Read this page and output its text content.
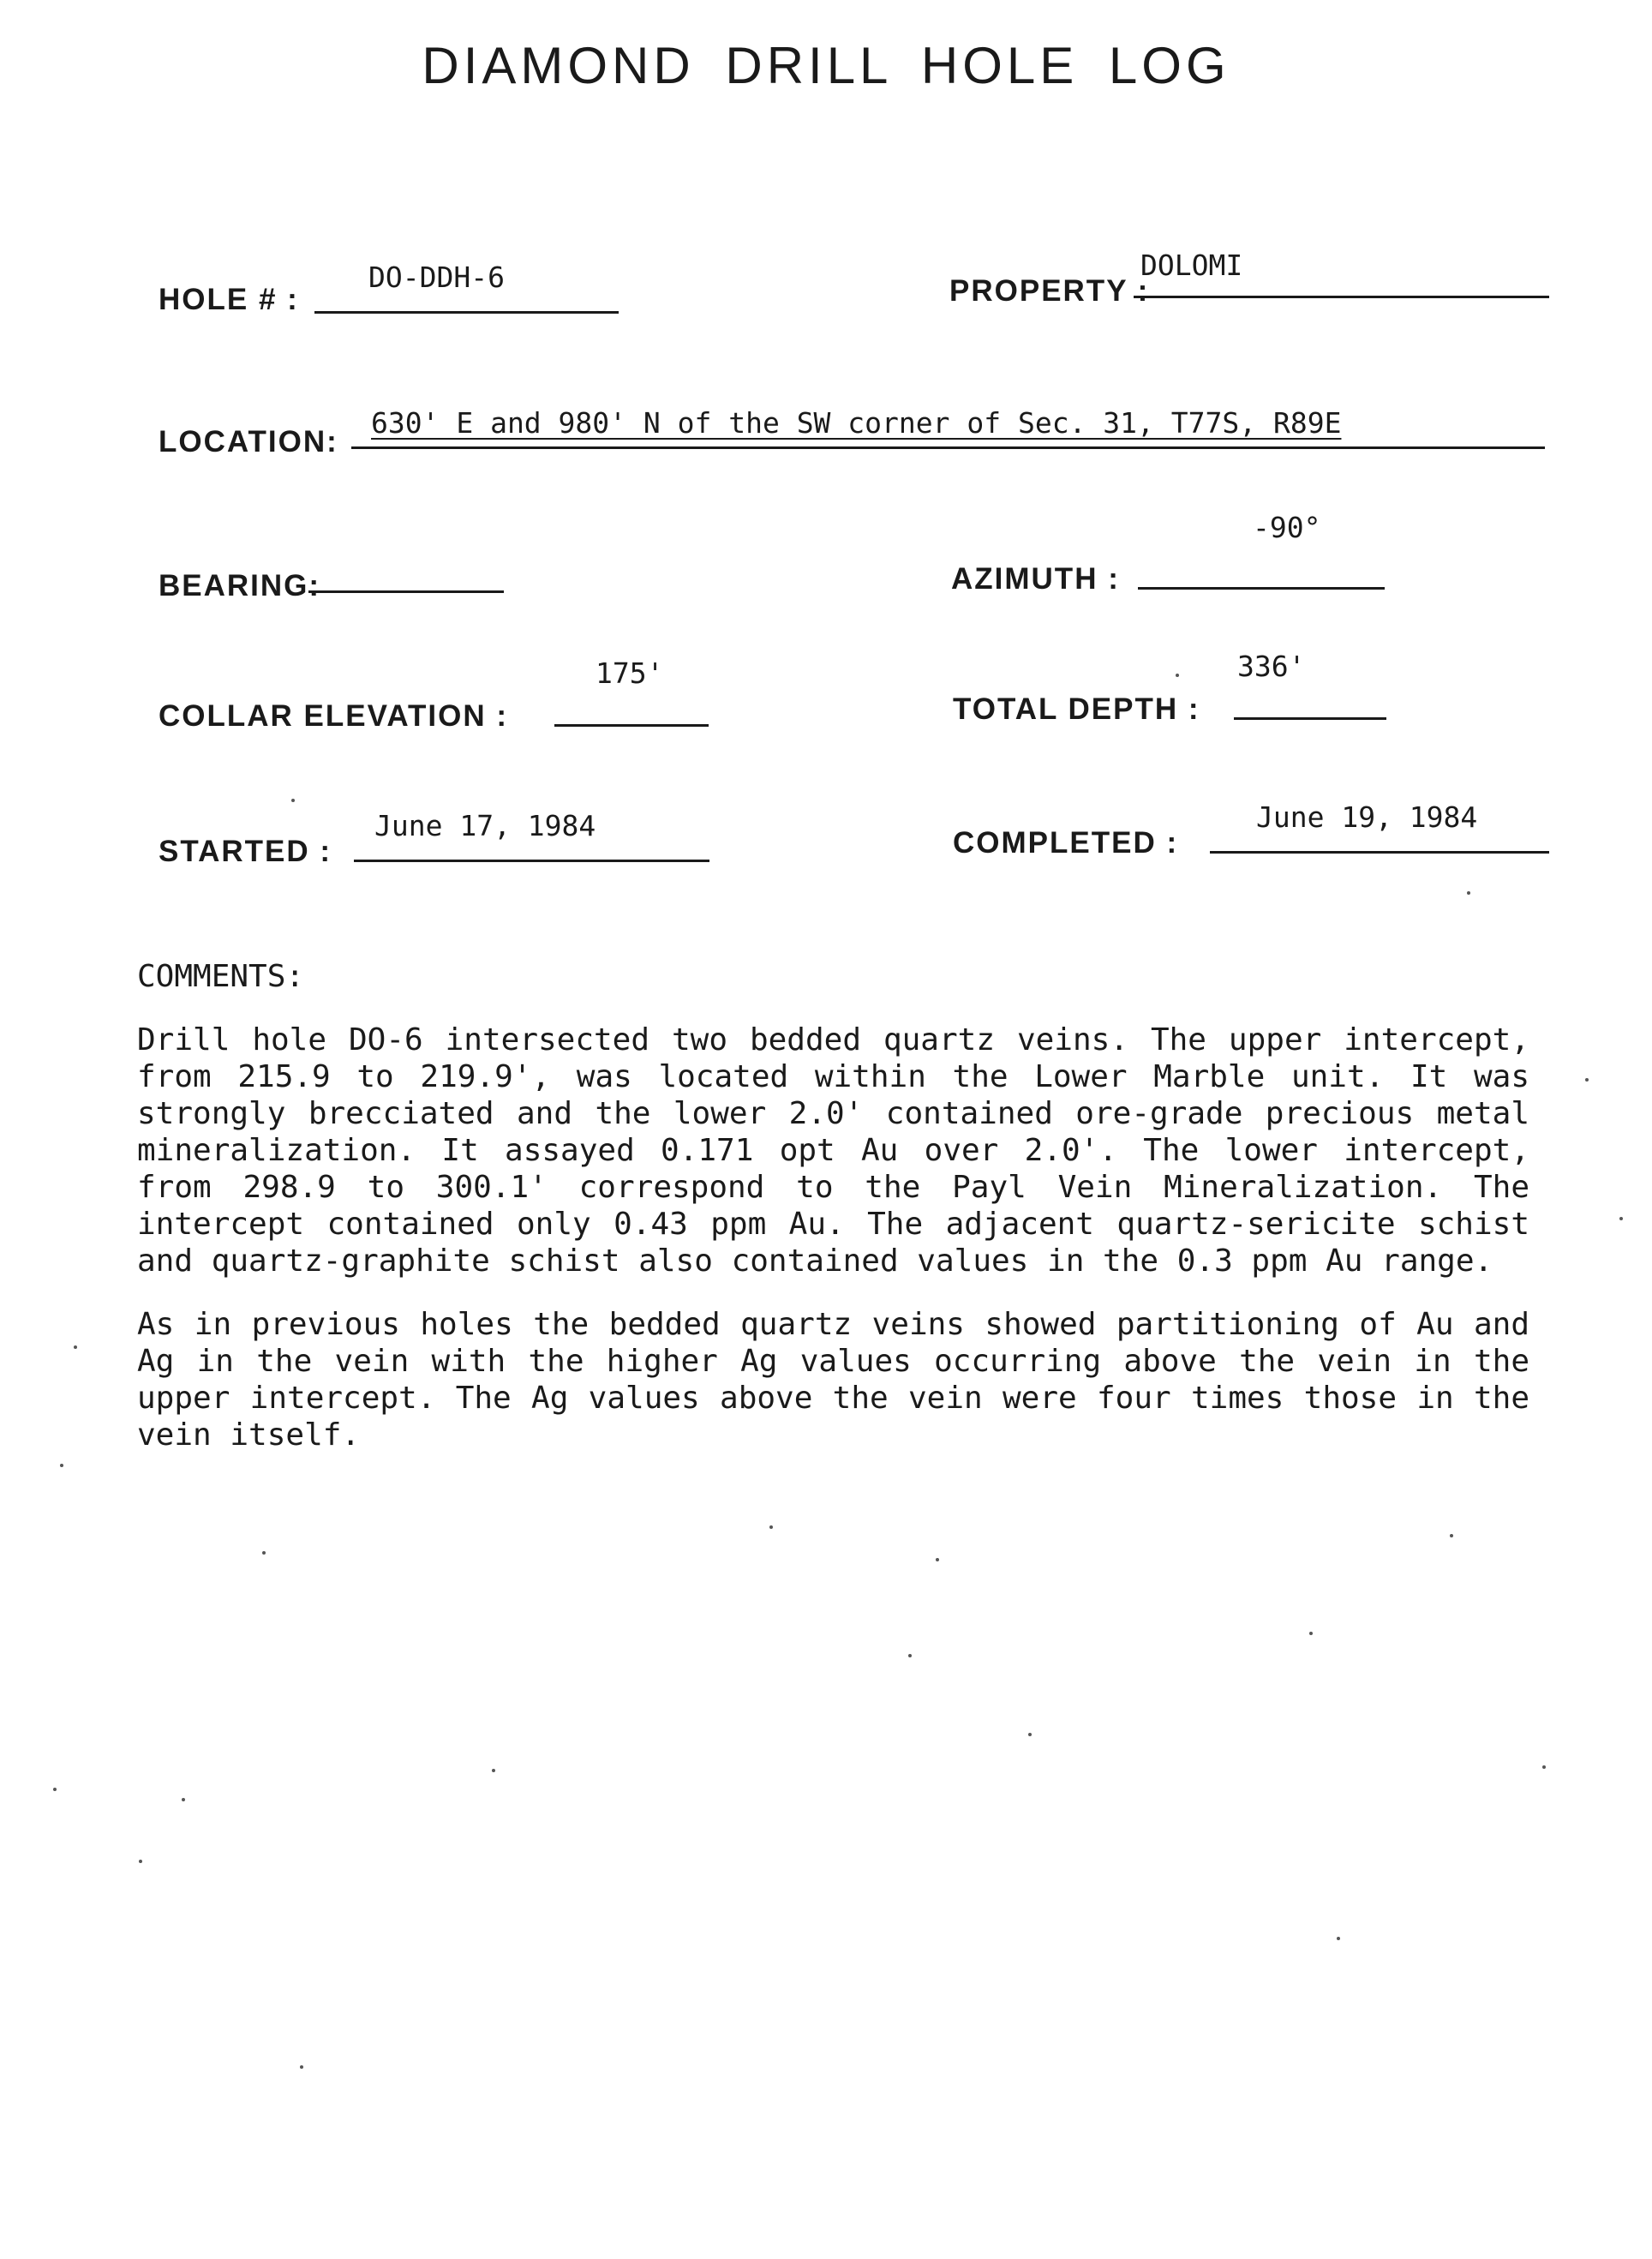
DIAMOND DRILL HOLE LOG
HOLE # :
DO-DDH-6	PROPERTY :
DOLOMI
LOCATION:
630' E and 980' N of the SW corner of Sec. 31, T77S, R89E
BEARING:	AZIMUTH :
-90°
COLLAR ELEVATION :
175'
TOTAL DEPTH :
336'
STARTED :
June 17, 1984
COMPLETED :
June 19, 1984
COMMENTS:

Drill hole DO-6 intersected two bedded quartz veins. The upper intercept, from 215.9 to 219.9', was located within the Lower Marble unit. It was strongly brecciated and the lower 2.0' contained ore-grade precious metal mineralization. It assayed 0.171 opt Au over 2.0'. The lower intercept, from 298.9 to 300.1' correspond to the Payl Vein Mineralization. The intercept contained only 0.43 ppm Au. The adjacent quartz-sericite schist and quartz-graphite schist also contained values in the 0.3 ppm Au range.

As in previous holes the bedded quartz veins showed partitioning of Au and Ag in the vein with the higher Ag values occurring above the vein in the upper intercept. The Ag values above the vein were four times those in the vein itself.
